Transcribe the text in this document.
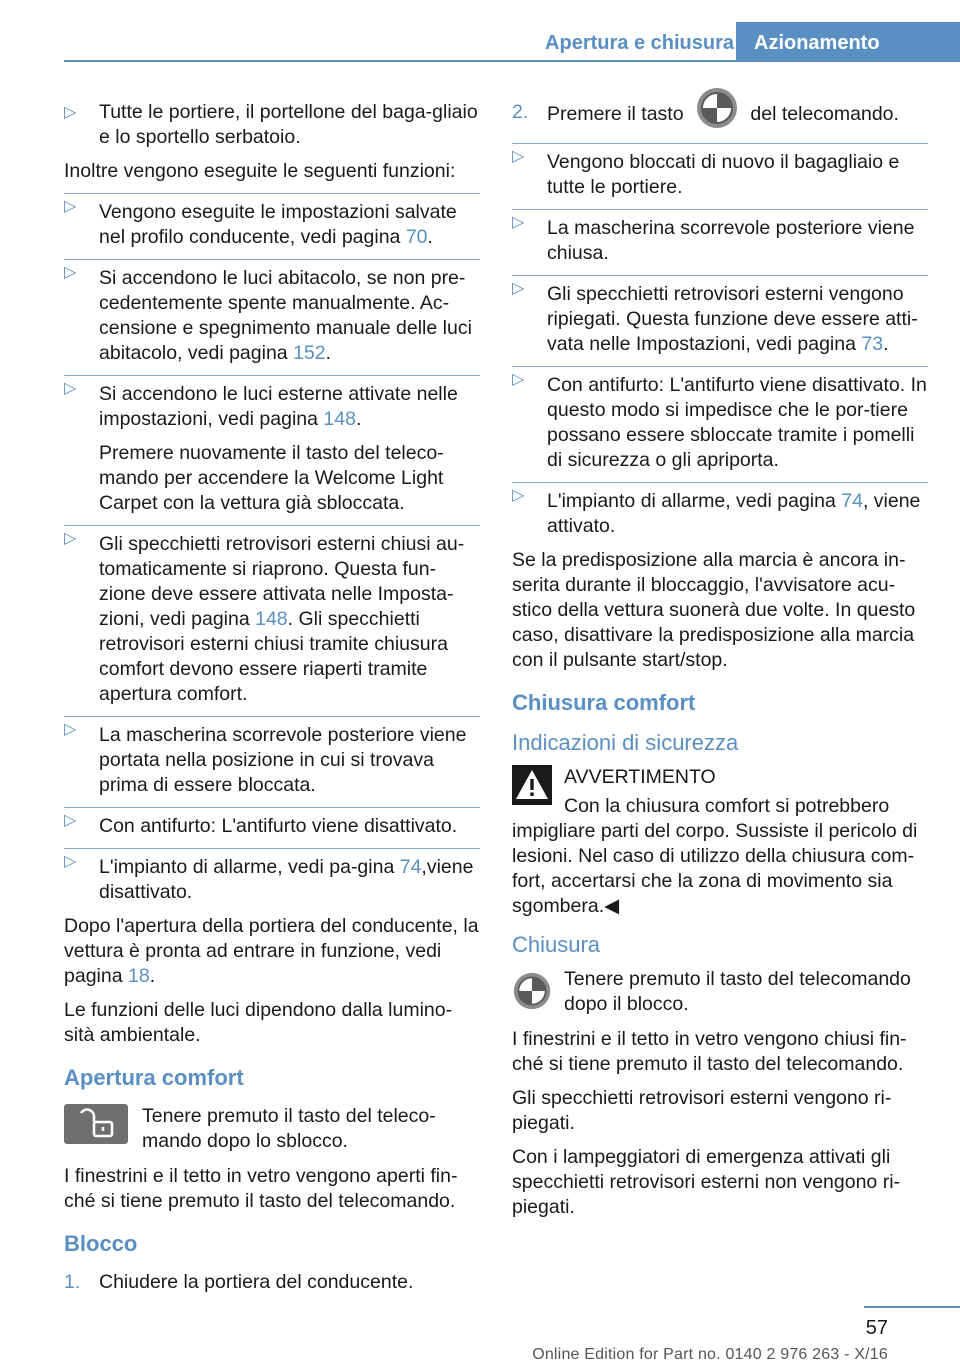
Apertura e chiusura	Azionamento
▷ Tutte le portiere, il portellone del baga-gliaio e lo sportello serbatoio.

Inoltre vengono eseguite le seguenti funzioni:

▷ Vengono eseguite le impostazioni salvate nel profilo conducente, vedi pagina 70.
▷ Si accendono le luci abitacolo, se non pre-cedentemente spente manualmente. Ac-censione e spegnimento manuale delle luci abitacolo, vedi pagina 152.
▷ Si accendono le luci esterne attivate nelle impostazioni, vedi pagina 148.
Premere nuovamente il tasto del teleco-mando per accendere la Welcome Light Carpet con la vettura già sbloccata.
▷ Gli specchietti retrovisori esterni chiusi au-tomaticamente si riaprono. Questa fun-zione deve essere attivata nelle Imposta-zioni, vedi pagina 148. Gli specchietti retrovisori esterni chiusi tramite chiusura comfort devono essere riaperti tramite apertura comfort.
▷ La mascherina scorrevole posteriore viene portata nella posizione in cui si trovava prima di essere bloccata.
▷ Con antifurto: L'antifurto viene disattivato.
▷ L'impianto di allarme, vedi pa-gina 74,viene disattivato.

Dopo l'apertura della portiera del conducente, la vettura è pronta ad entrare in funzione, vedi pagina 18.

Le funzioni delle luci dipendono dalla lumino-sità ambientale.

Apertura comfort

Tenere premuto il tasto del teleco-mando dopo lo sblocco.

I finestrini e il tetto in vetro vengono aperti fin-ché si tiene premuto il tasto del telecomando.

Blocco
1. Chiudere la portiera del conducente.
2. Premere il tasto	del telecomando.
▷ Vengono bloccati di nuovo il bagagliaio e tutte le portiere.
▷ La mascherina scorrevole posteriore viene chiusa.
▷ Gli specchietti retrovisori esterni vengono ripiegati. Questa funzione deve essere atti-vata nelle Impostazioni, vedi pagina 73.
▷ Con antifurto: L'antifurto viene disattivato. In questo modo si impedisce che le por-tiere possano essere sbloccate tramite i pomelli di sicurezza o gli apriporta.
▷ L'impianto di allarme, vedi pagina 74, viene attivato.

Se la predisposizione alla marcia è ancora in-serita durante il bloccaggio, l'avvisatore acu-stico della vettura suonerà due volte. In questo caso, disattivare la predisposizione alla marcia con il pulsante start/stop.

Chiusura comfort
Indicazioni di sicurezza

AVVERTIMENTO

Con la chiusura comfort si potrebbero impigliare parti del corpo. Sussiste il pericolo di lesioni. Nel caso di utilizzo della chiusura com-fort, accertarsi che la zona di movimento sia sgombera.◀

Chiusura

Tenere premuto il tasto del telecomando dopo il blocco.

I finestrini e il tetto in vetro vengono chiusi fin-ché si tiene premuto il tasto del telecomando.

Gli specchietti retrovisori esterni vengono ri-piegati.

Con i lampeggiatori di emergenza attivati gli specchietti retrovisori esterni non vengono ri-piegati.

57
Online Edition for Part no. 0140 2 976 263 - X/16
